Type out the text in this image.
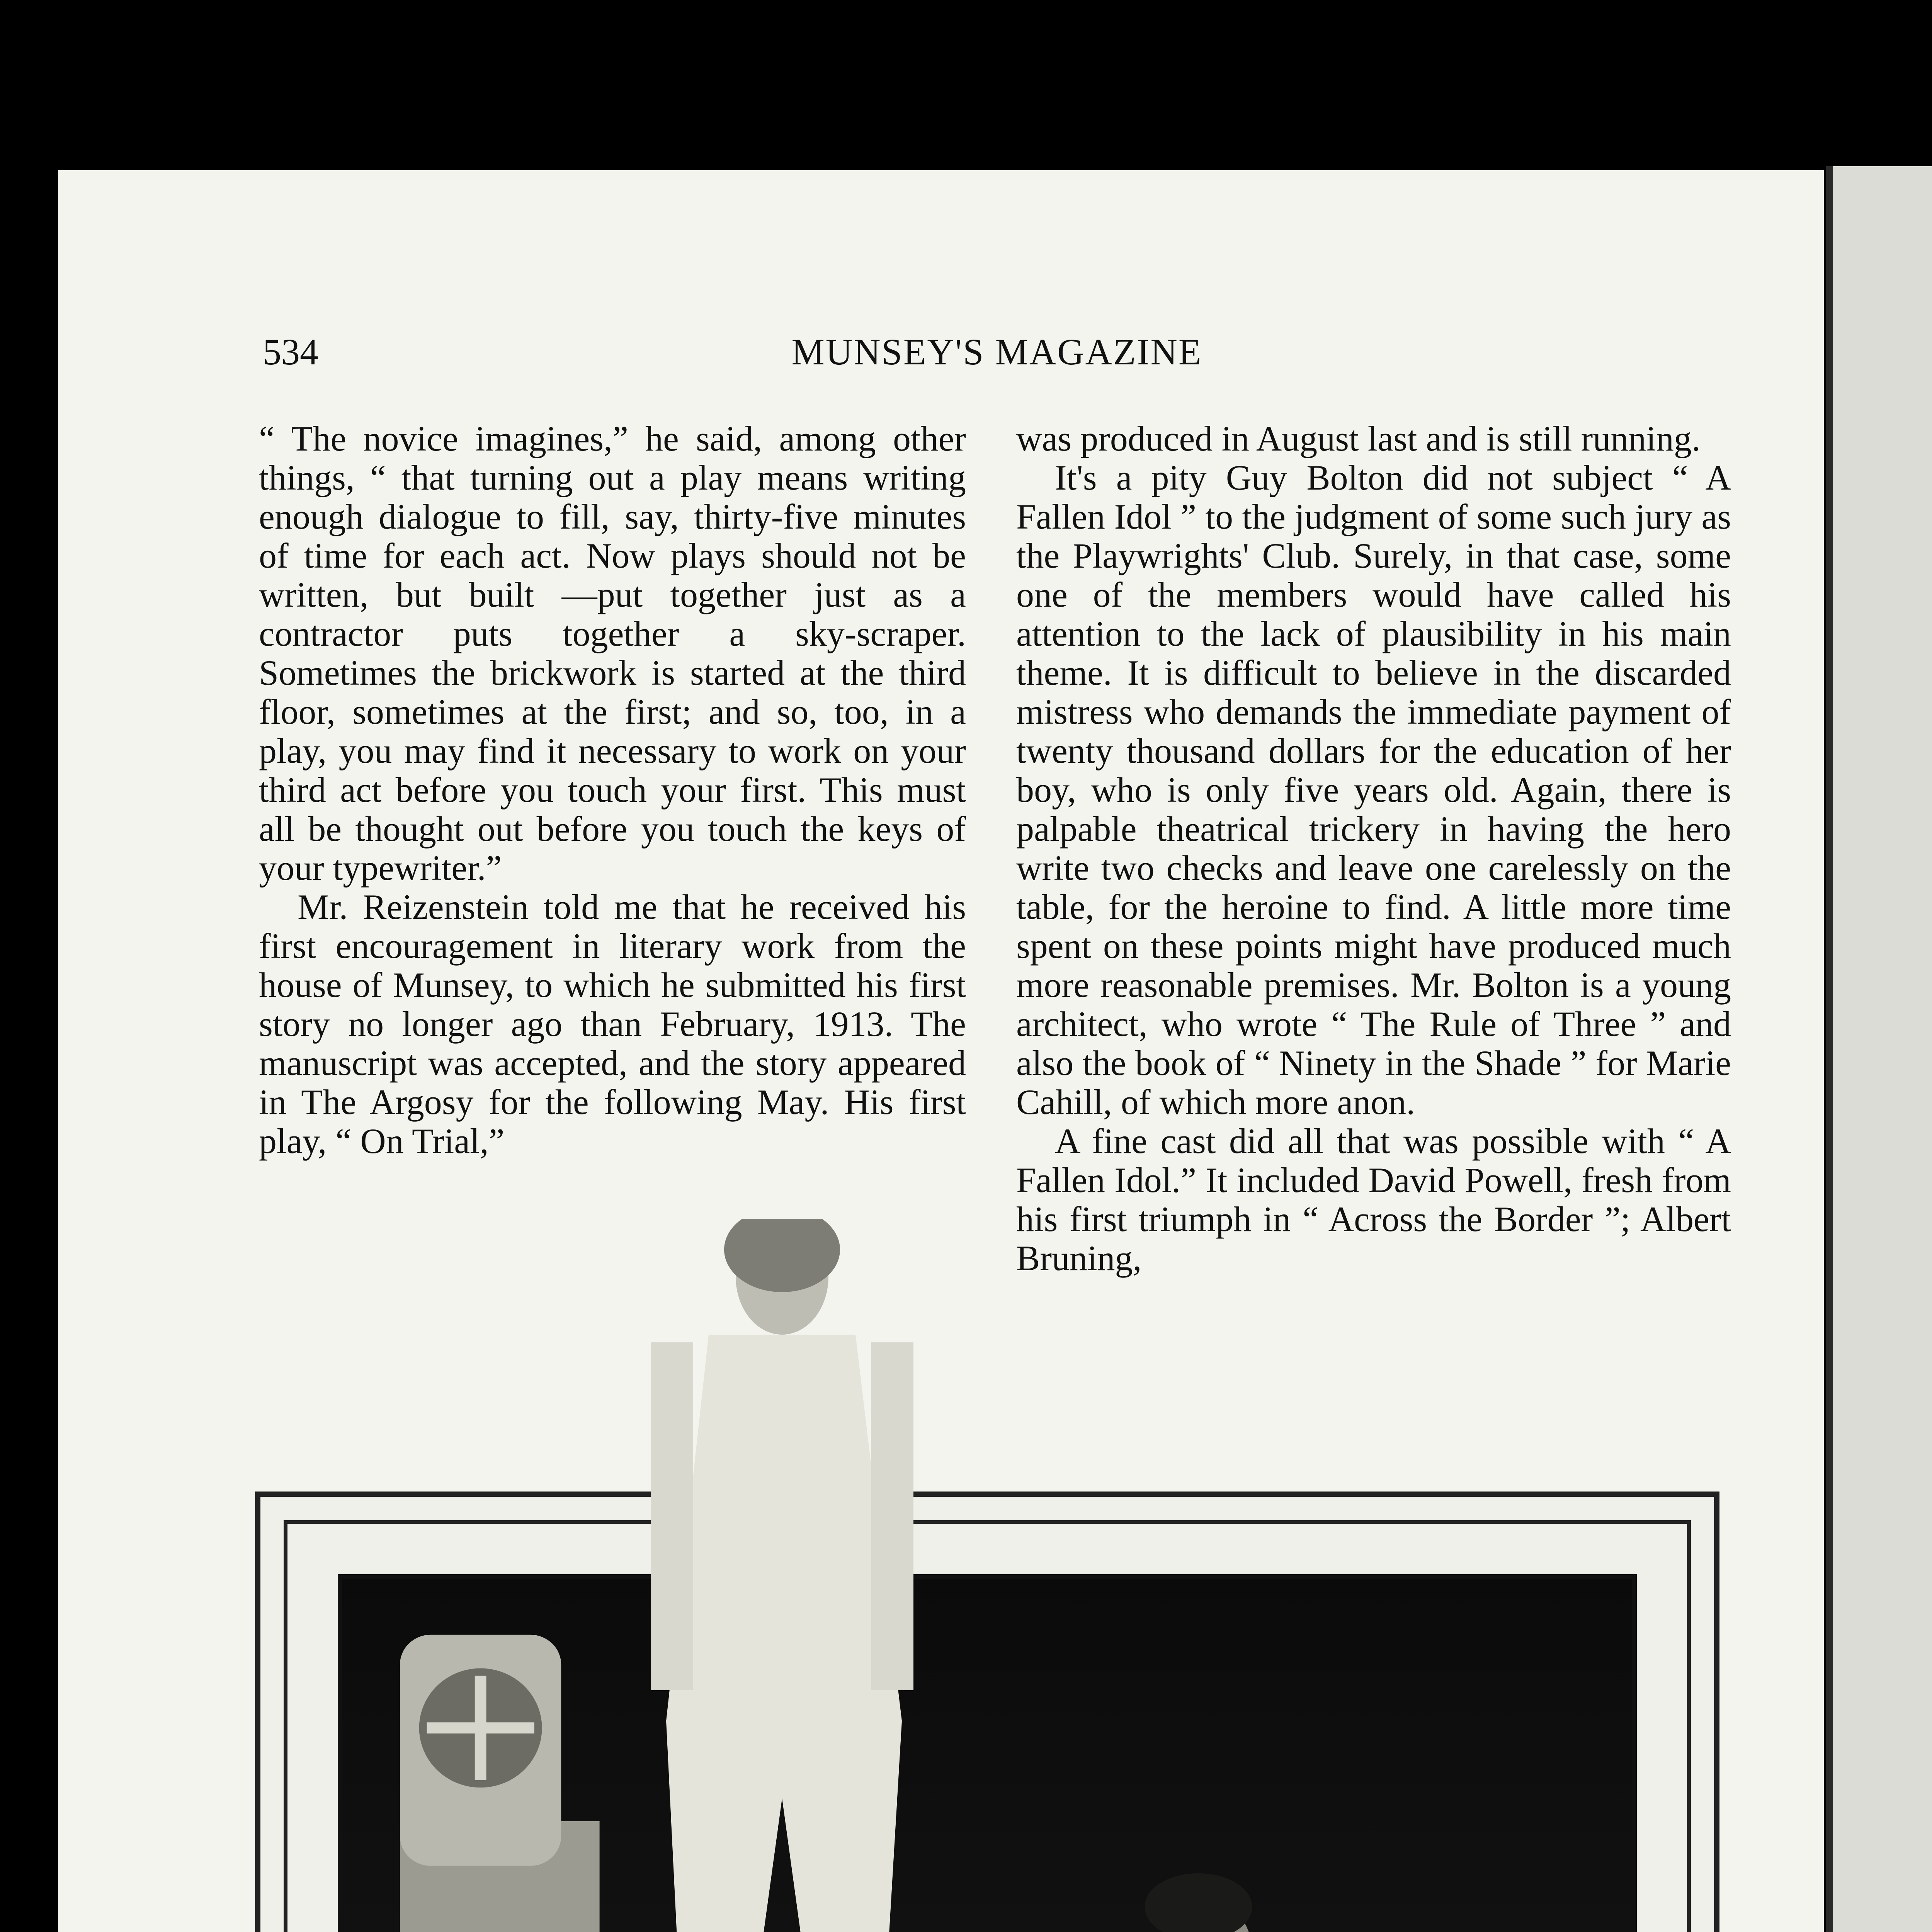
534	MUNSEY'S MAGAZINE

“ The novice imagines,” he said, among other things, “ that turning out a play means writing enough dialogue to fill, say, thirty-five minutes of time for each act. Now plays should not be written, but built —put together just as a contractor puts together a sky-scraper. Sometimes the brickwork is started at the third floor, sometimes at the first; and so, too, in a play, you may find it necessary to work on your third act before you touch your first. This must all be thought out before you touch the keys of your typewriter.”

Mr. Reizenstein told me that he received his first encouragement in literary work from the house of Munsey, to which he submitted his first story no longer ago than February, 1913. The manuscript was accepted, and the story appeared in The Argosy for the following May. His first play, “ On Trial,”

was produced in August last and is still running.

It's a pity Guy Bolton did not subject “ A Fallen Idol ” to the judgment of some such jury as the Playwrights' Club. Surely, in that case, some one of the members would have called his attention to the lack of plausibility in his main theme. It is difficult to believe in the discarded mistress who demands the immediate payment of twenty thousand dollars for the education of her boy, who is only five years old. Again, there is palpable theatrical trickery in having the hero write two checks and leave one carelessly on the table, for the heroine to find. A little more time spent on these points might have produced much more reasonable premises. Mr. Bolton is a young architect, who wrote “ The Rule of Three ” and also the book of “ Ninety in the Shade ” for Marie Cahill, of which more anon.

A fine cast did all that was possible with “ A Fallen Idol.” It included David Powell, fresh from his first triumph in “ Across the Border ”; Albert Bruning,
